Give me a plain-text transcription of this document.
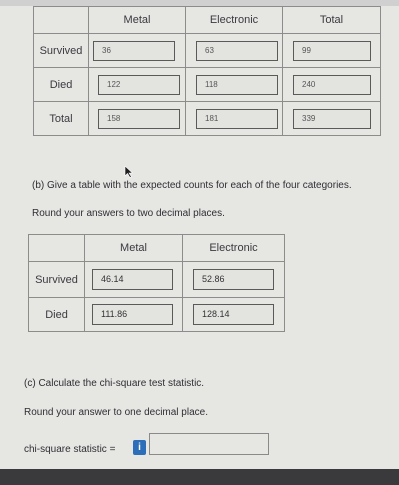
	Metal	Electronic	Total
Survived	36	63	99

Died	122	118	240

Total	158	181	339
(b) Give a table with the expected counts for each of the four categories.
Round your answers to two decimal places.
	Metal	Electronic
Survived	46.14	52.86

Died	111.86	128.14
(c) Calculate the chi-square test statistic.
Round your answer to one decimal place.
chi-square statistic =	i
